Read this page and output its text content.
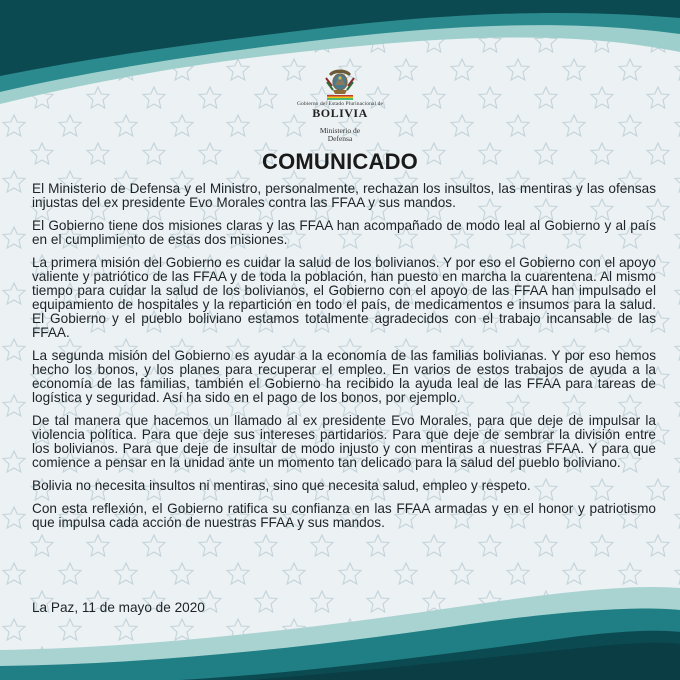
Gobierno del Estado Plurinacional de
BOLIVIA
Ministerio de
Defensa
COMUNICADO

El Ministerio de Defensa y el Ministro, personalmente, rechazan los insultos, las mentiras y las ofensas injustas del ex presidente Evo Morales contra las FFAA y sus mandos.

El Gobierno tiene dos misiones claras y las FFAA han acompañado de modo leal al Gobierno y al país en el cumplimiento de estas dos misiones.

La primera misión del Gobierno es cuidar la salud de los bolivianos. Y por eso el Gobierno con el apoyo valiente y patriótico de las FFAA y de toda la población, han puesto en marcha la cuarentena. Al mismo tiempo para cuidar la salud de los bolivianos, el Gobierno con el apoyo de las FFAA han impulsado el equipamiento de hospitales y la repartición en todo el país, de medicamentos e insumos para la salud. El Gobierno y el pueblo boliviano estamos totalmente agradecidos con el trabajo incansable de las FFAA.

La segunda misión del Gobierno es ayudar a la economía de las familias bolivianas. Y por eso hemos hecho los bonos, y los planes para recuperar el empleo. En varios de estos trabajos de ayuda a la economía de las familias, también el Gobierno ha recibido la ayuda leal de las FFAA para tareas de logística y seguridad. Así ha sido en el pago de los bonos, por ejemplo.

De tal manera que hacemos un llamado al ex presidente Evo Morales, para que deje de impulsar la violencia política. Para que deje sus intereses partidarios. Para que deje de sembrar la división entre los bolivianos. Para que deje de insultar de modo injusto y con mentiras a nuestras FFAA. Y para que comience a pensar en la unidad ante un momento tan delicado para la salud del pueblo boliviano.

Bolivia no necesita insultos ni mentiras, sino que necesita salud, empleo y respeto.

Con esta reflexión, el Gobierno ratifica su confianza en las FFAA armadas y en el honor y patriotismo que impulsa cada acción de nuestras FFAA y sus mandos.

La Paz, 11 de mayo de 2020
